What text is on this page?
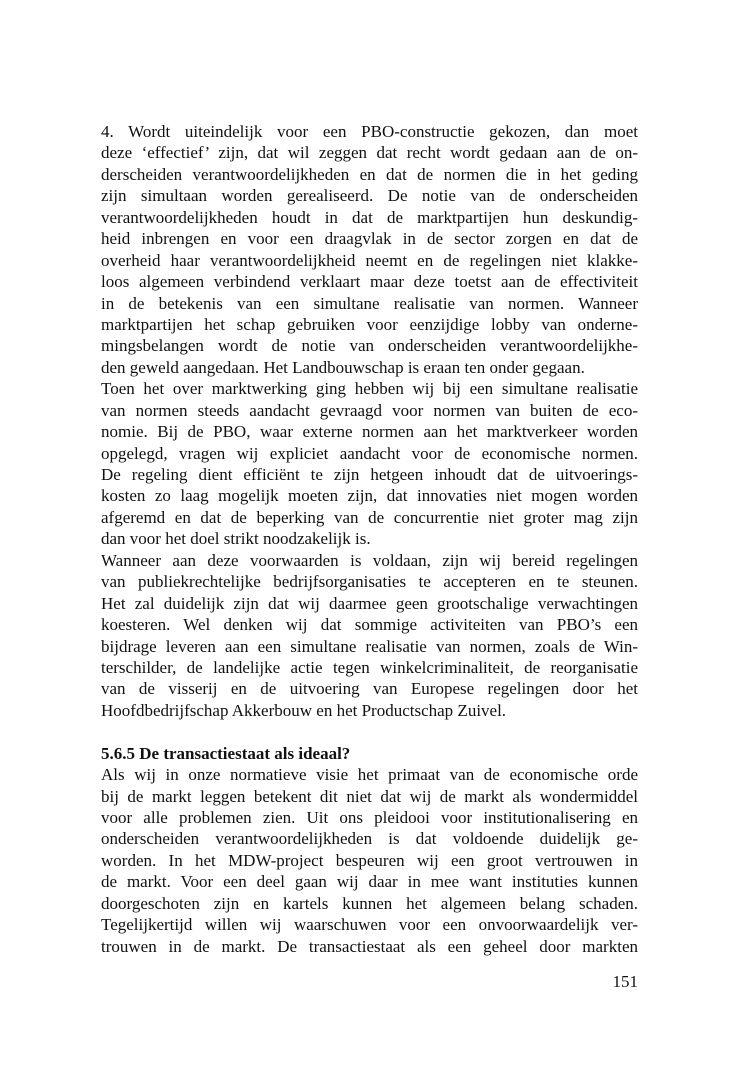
4. Wordt uiteindelijk voor een PBO-constructie gekozen, dan moet
deze ‘effectief’ zijn, dat wil zeggen dat recht wordt gedaan aan de on-
derscheiden verantwoordelijkheden en dat de normen die in het geding
zijn simultaan worden gerealiseerd. De notie van de onderscheiden
verantwoordelijkheden houdt in dat de marktpartijen hun deskundig-
heid inbrengen en voor een draagvlak in de sector zorgen en dat de
overheid haar verantwoordelijkheid neemt en de regelingen niet klakke-
loos algemeen verbindend verklaart maar deze toetst aan de effectiviteit
in de betekenis van een simultane realisatie van normen. Wanneer
marktpartijen het schap gebruiken voor eenzijdige lobby van onderne-
mingsbelangen wordt de notie van onderscheiden verantwoordelijkhe-
den geweld aangedaan. Het Landbouwschap is eraan ten onder gegaan.
Toen het over marktwerking ging hebben wij bij een simultane realisatie
van normen steeds aandacht gevraagd voor normen van buiten de eco-
nomie. Bij de PBO, waar externe normen aan het marktverkeer worden
opgelegd, vragen wij expliciet aandacht voor de economische normen.
De regeling dient efficiënt te zijn hetgeen inhoudt dat de uitvoerings-
kosten zo laag mogelijk moeten zijn, dat innovaties niet mogen worden
afgeremd en dat de beperking van de concurrentie niet groter mag zijn
dan voor het doel strikt noodzakelijk is.
Wanneer aan deze voorwaarden is voldaan, zijn wij bereid regelingen
van publiekrechtelijke bedrijfsorganisaties te accepteren en te steunen.
Het zal duidelijk zijn dat wij daarmee geen grootschalige verwachtingen
koesteren. Wel denken wij dat sommige activiteiten van PBO’s een
bijdrage leveren aan een simultane realisatie van normen, zoals de Win-
terschilder, de landelijke actie tegen winkelcriminaliteit, de reorganisatie
van de visserij en de uitvoering van Europese regelingen door het
Hoofdbedrijfschap Akkerbouw en het Productschap Zuivel.
5.6.5 De transactiestaat als ideaal?
Als wij in onze normatieve visie het primaat van de economische orde
bij de markt leggen betekent dit niet dat wij de markt als wondermiddel
voor alle problemen zien. Uit ons pleidooi voor institutionalisering en
onderscheiden verantwoordelijkheden is dat voldoende duidelijk ge-
worden. In het MDW-project bespeuren wij een groot vertrouwen in
de markt. Voor een deel gaan wij daar in mee want instituties kunnen
doorgeschoten zijn en kartels kunnen het algemeen belang schaden.
Tegelijkertijd willen wij waarschuwen voor een onvoorwaardelijk ver-
trouwen in de markt. De transactiestaat als een geheel door markten
151
